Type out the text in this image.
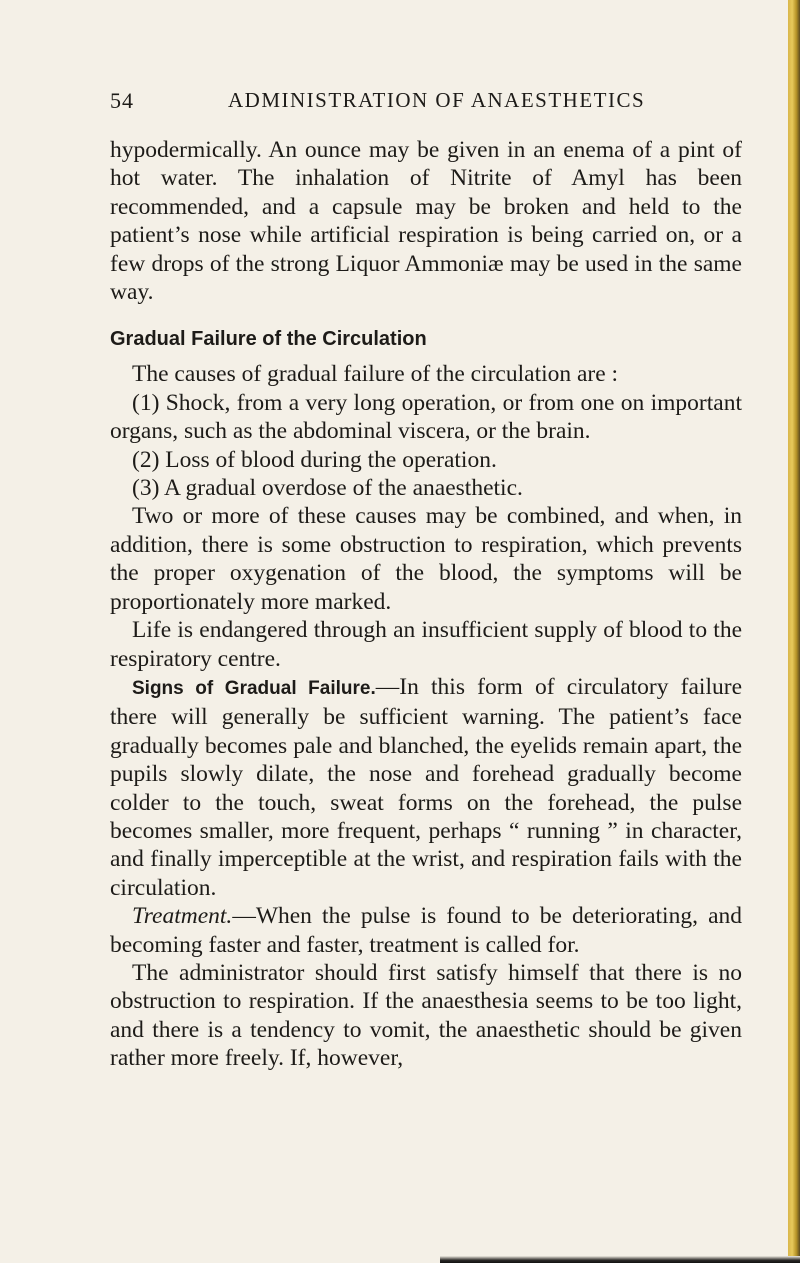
54	ADMINISTRATION OF ANAESTHETICS

hypodermically. An ounce may be given in an enema of a pint of hot water. The inhalation of Nitrite of Amyl has been recommended, and a capsule may be broken and held to the patient’s nose while artificial respiration is being carried on, or a few drops of the strong Liquor Ammoniæ may be used in the same way.

Gradual Failure of the Circulation

The causes of gradual failure of the circulation are :

(1) Shock, from a very long operation, or from one on important organs, such as the abdominal viscera, or the brain.

(2) Loss of blood during the operation.

(3) A gradual overdose of the anaesthetic.

Two or more of these causes may be combined, and when, in addition, there is some obstruction to respiration, which prevents the proper oxygenation of the blood, the symptoms will be proportionately more marked.

Life is endangered through an insufficient supply of blood to the respiratory centre.

Signs of Gradual Failure.—In this form of circulatory failure there will generally be sufficient warning. The patient’s face gradually becomes pale and blanched, the eyelids remain apart, the pupils slowly dilate, the nose and forehead gradually become colder to the touch, sweat forms on the forehead, the pulse becomes smaller, more frequent, perhaps “ running ” in character, and finally imperceptible at the wrist, and respiration fails with the circulation.

Treatment.—When the pulse is found to be deteriorating, and becoming faster and faster, treatment is called for.

The administrator should first satisfy himself that there is no obstruction to respiration. If the anaesthesia seems to be too light, and there is a tendency to vomit, the anaesthetic should be given rather more freely. If, however,
